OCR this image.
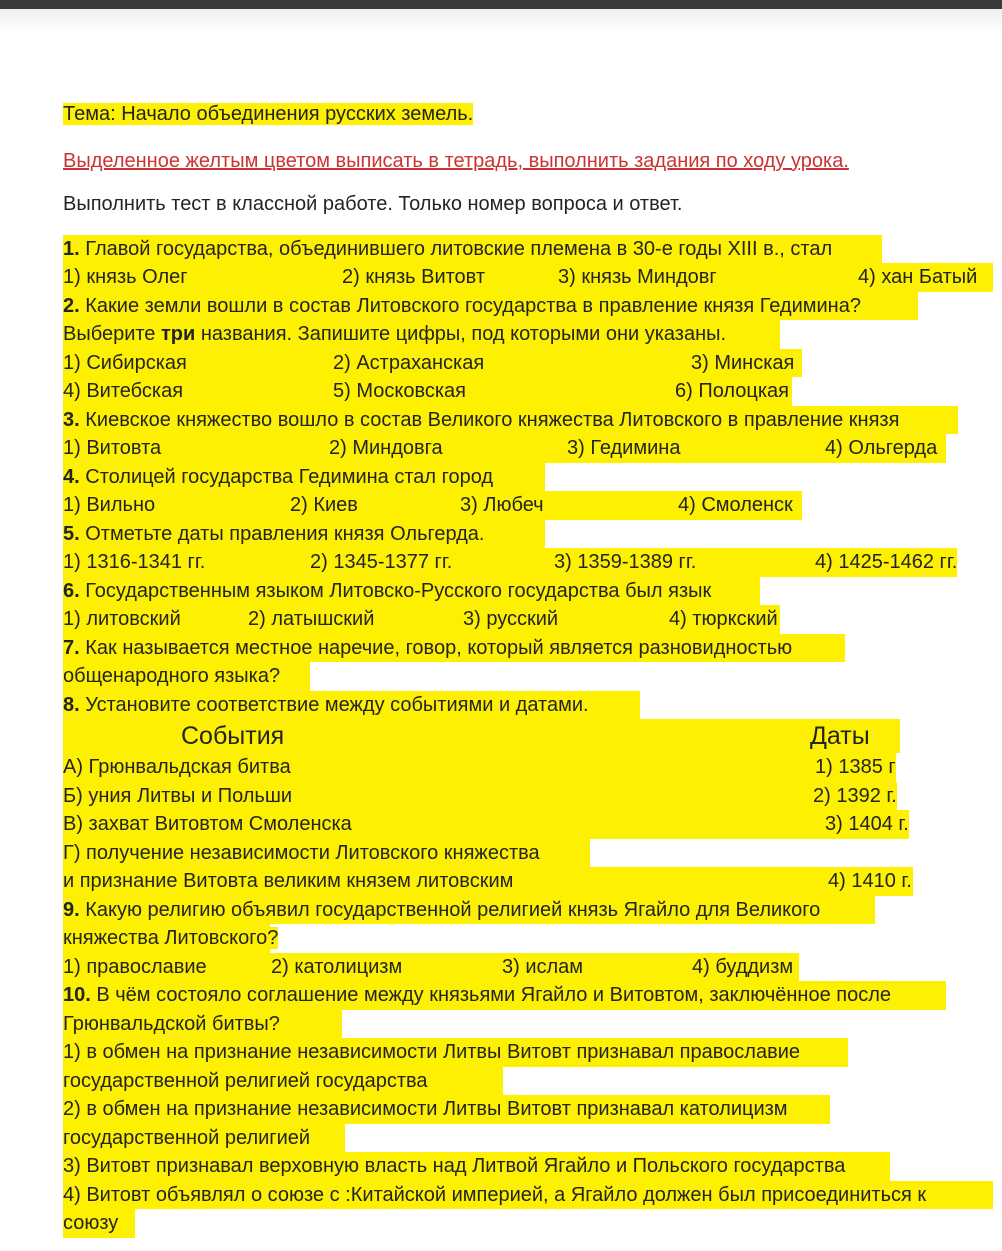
Тема: Начало объединения русских земель.
Выделенное желтым цветом выписать в тетрадь, выполнить задания по ходу урока.
Выполнить тест в классной работе. Только номер вопроса и ответ.
1. Главой государства, объединившего литовские племена в 30-е годы XIII в., стал
1) князь Олег	2) князь Витовт	3) князь Миндовг	4) хан Батый
2. Какие земли вошли в состав Литовского государства в правление князя Гедимина?
Выберите три названия. Запишите цифры, под которыми они указаны.
1) Сибирская	2) Астраханская	3) Минская
4) Витебская	5) Московская	6) Полоцкая
3. Киевское княжество вошло в состав Великого княжества Литовского в правление князя
1) Витовта	2) Миндовга	3) Гедимина	4) Ольгерда
4. Столицей государства Гедимина стал город
1) Вильно	2) Киев	3) Любеч	4) Смоленск
5. Отметьте даты правления князя Ольгерда.
1) 1316-1341 гг.	2) 1345-1377 гг.	3) 1359-1389 гг.	4) 1425-1462 гг.
6. Государственным языком Литовско-Русского государства был язык
1) литовский	2) латышский	3) русский	4) тюркский
7. Как называется местное наречие, говор, который является разновидностью
общенародного языка?
8. Установите соответствие между событиями и датами.
События	Даты
А) Грюнвальдская битва	1) 1385 г
Б) уния Литвы и Польши	2) 1392 г.
В) захват Витовтом Смоленска	3) 1404 г.
Г) получение независимости Литовского княжества
и признание Витовта великим князем литовским	4) 1410 г.
9. Какую религию объявил государственной религией князь Ягайло для Великого
княжества Литовского?
1) православие	2) католицизм	3) ислам	4) буддизм
10. В чём состояло соглашение между князьями Ягайло и Витовтом, заключённое после
Грюнвальдской битвы?
1) в обмен на признание независимости Литвы Витовт признавал православие
государственной религией государства
2) в обмен на признание независимости Литвы Витовт признавал католицизм
государственной религией
3) Витовт признавал верховную власть над Литвой Ягайло и Польского государства
4) Витовт объявлял о союзе с :Китайской империей, а Ягайло должен был присоединиться к
союзу
